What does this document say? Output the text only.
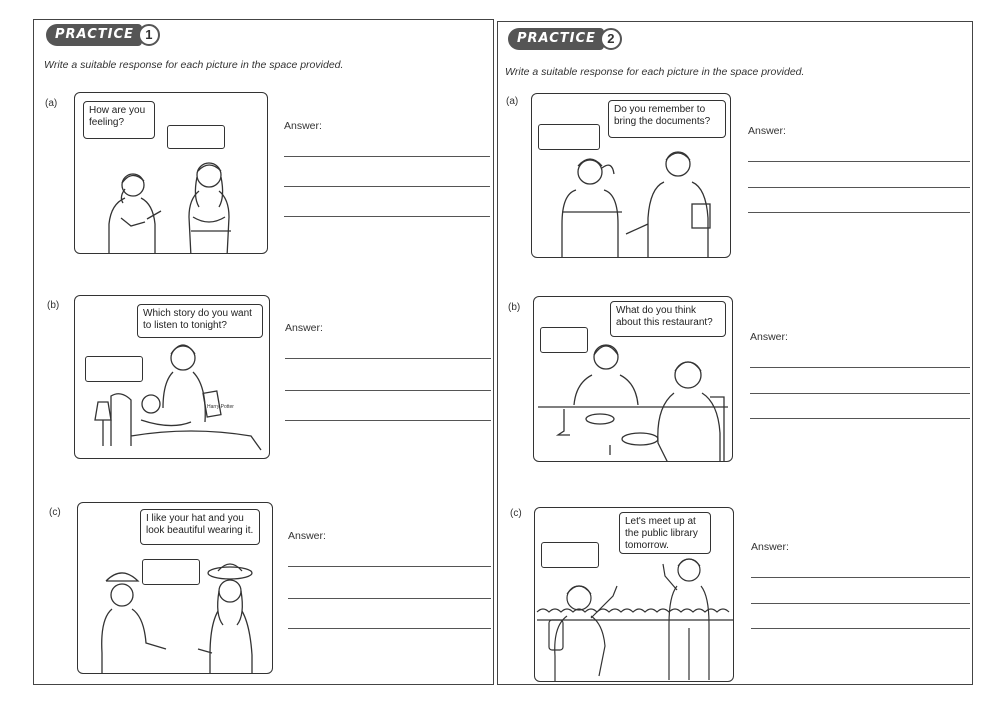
PRACTICE 1
Write a suitable response for each picture in the space provided.
(a)
How are you feeling?	Answer:
(b)
Harry Potter
Which story do you want to listen to tonight?	Answer:
(c)
I like your hat and you look beautiful wearing it.	Answer:
PRACTICE 2
Write a suitable response for each picture in the space provided.
(a)
Do you remember to bring the documents?
Answer:
(b)	What do you think about this restaurant?
Answer:
(c)
Let's meet up at the public library tomorrow.	Answer:
